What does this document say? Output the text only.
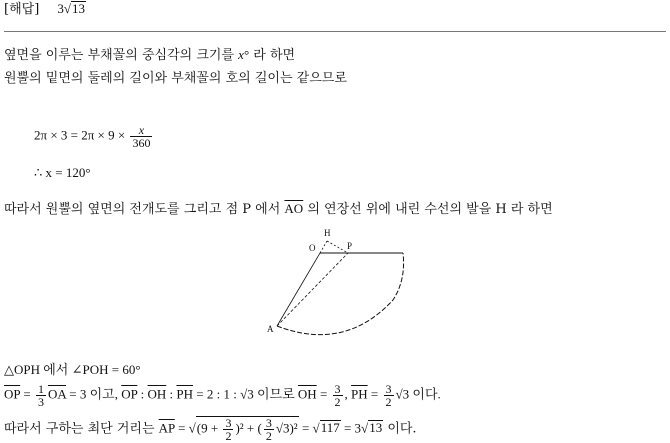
[해답] 3√13
옆면을 이루는 부채꼴의 중심각의 크기를 x° 라 하면
원뿔의 밑면의 둘레의 길이와 부채꼴의 호의 길이는 같으므로
$2\pi \times 3 = 2\pi \times 9 \times \frac{x}{360}$
∴ x = 120°
따라서 원뿔의 옆면의 전개도를 그리고 점 P 에서 $\overline{AO}$ 의 연장선 위에 내린 수선의 발을 H 라 하면
H
O	P
A
△OPH 에서 ∠POH = 60°
$\overline{OP} = \frac{1}{3} \overline{OA} = 3$ 이고, $\overline{OP}$ : $\overline{OH}$ : $\overline{PH} = 2$ : 1 : √3 이므로 $\overline{OH} = \frac{3}{2}$ , $\overline{PH} = \frac{3}{2} √3$ 이다.
따라서 구하는 최단 거리는 $\overline{AP} = √(9 + \frac{3}{2} )^2$ + ( $\frac{3}{2} √3)^2 = √117 = 3√13$ 이다.
